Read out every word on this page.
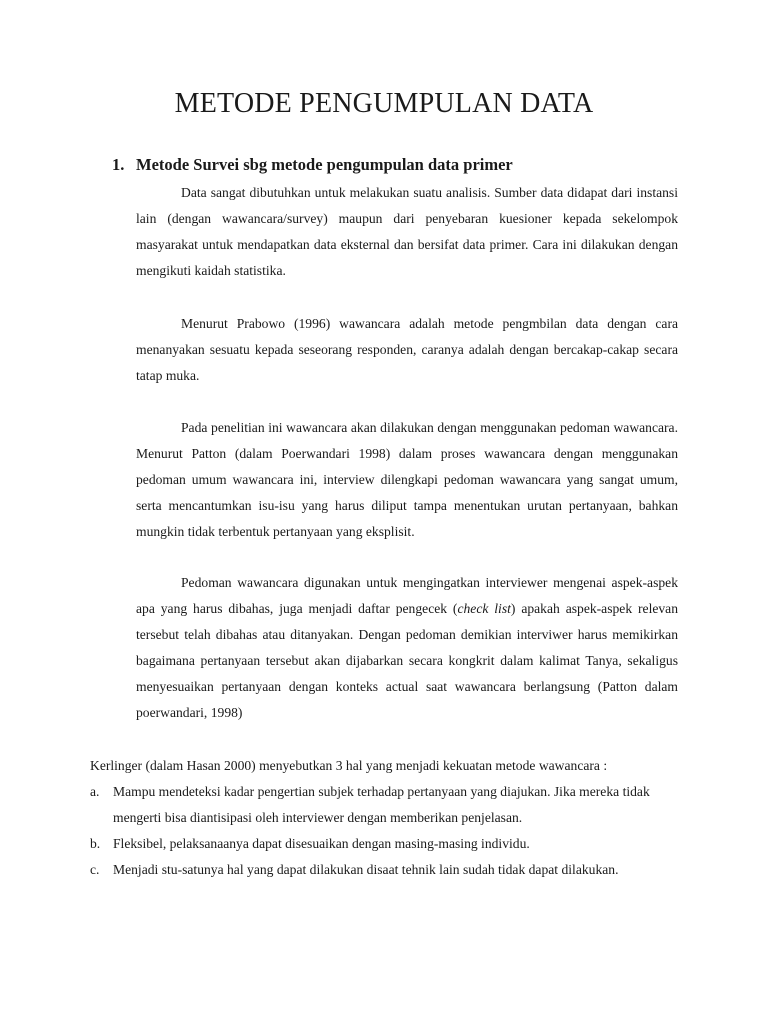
METODE PENGUMPULAN DATA
1. Metode Survei sbg metode pengumpulan data primer

Data sangat dibutuhkan untuk melakukan suatu analisis. Sumber data didapat dari instansi lain (dengan wawancara/survey) maupun dari penyebaran kuesioner kepada sekelompok masyarakat untuk mendapatkan data eksternal dan bersifat data primer. Cara ini dilakukan dengan mengikuti kaidah statistika.

Menurut Prabowo (1996) wawancara adalah metode pengmbilan data dengan cara menanyakan sesuatu kepada seseorang responden, caranya adalah dengan bercakap-cakap secara tatap muka.

Pada penelitian ini wawancara akan dilakukan dengan menggunakan pedoman wawancara. Menurut Patton (dalam Poerwandari 1998) dalam proses wawancara dengan menggunakan pedoman umum wawancara ini, interview dilengkapi pedoman wawancara yang sangat umum, serta mencantumkan isu-isu yang harus diliput tampa menentukan urutan pertanyaan, bahkan mungkin tidak terbentuk pertanyaan yang eksplisit.

Pedoman wawancara digunakan untuk mengingatkan interviewer mengenai aspek-aspek apa yang harus dibahas, juga menjadi daftar pengecek (check list) apakah aspek-aspek relevan tersebut telah dibahas atau ditanyakan. Dengan pedoman demikian interviwer harus memikirkan bagaimana pertanyaan tersebut akan dijabarkan secara kongkrit dalam kalimat Tanya, sekaligus menyesuaikan pertanyaan dengan konteks actual saat wawancara berlangsung (Patton dalam poerwandari, 1998)

Kerlinger (dalam Hasan 2000) menyebutkan 3 hal yang menjadi kekuatan metode wawancara :

a. Mampu mendeteksi kadar pengertian subjek terhadap pertanyaan yang diajukan. Jika mereka tidak mengerti bisa diantisipasi oleh interviewer dengan memberikan penjelasan.
b. Fleksibel, pelaksanaanya dapat disesuaikan dengan masing-masing individu.
c. Menjadi stu-satunya hal yang dapat dilakukan disaat tehnik lain sudah tidak dapat dilakukan.
